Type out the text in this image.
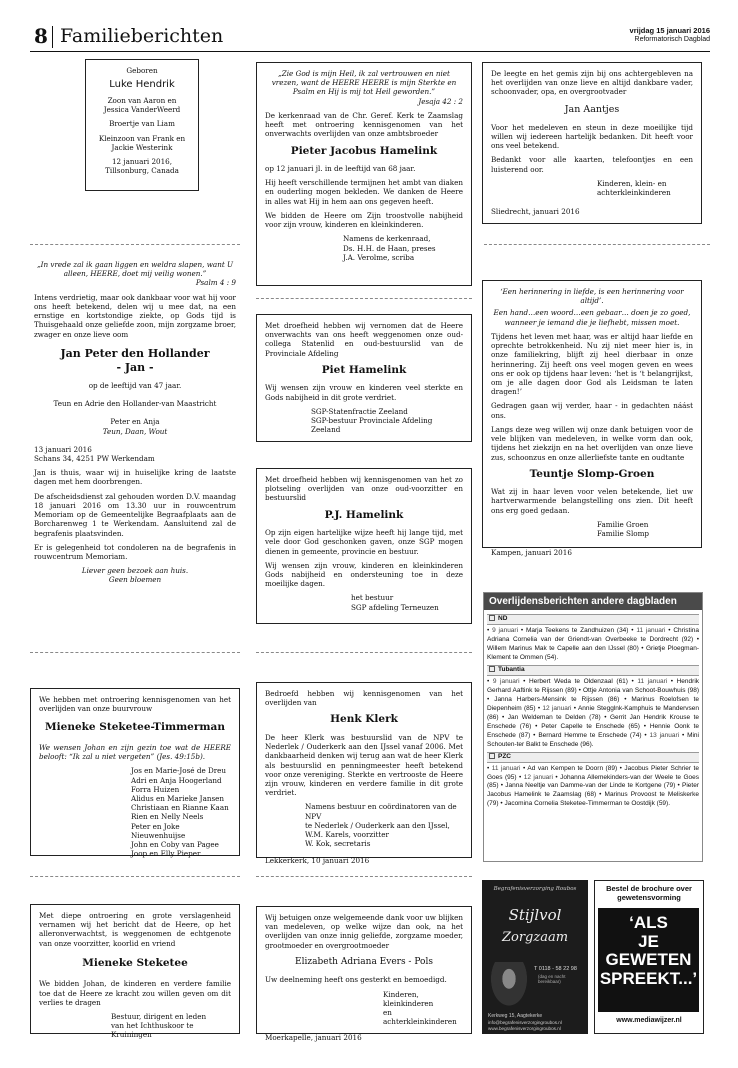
8 Familieberichten	vrijdag 15 januari 2016
Reformatorisch Dagblad
Geboren
Luke Hendrik
Zoon van Aaron en Jessica VanderWeerd
Broertje van Liam
Kleinzoon van Frank en Jackie Westerink
12 januari 2016, Tillsonburg, Canada
„Zie God is mijn Heil, ik zal vertrouwen en niet vrezen, want de HEERE HEERE is mijn Sterkte en Psalm en Hij is mij tot Heil geworden.”
Jesaja 42 : 2
De kerkenraad van de Chr. Geref. Kerk te Zaamslag heeft met ontroering kennisgenomen van het onverwachts overlijden van onze ambtsbroeder
Pieter Jacobus Hamelink
op 12 januari jl. in de leeftijd van 68 jaar.
Hij heeft verschillende termijnen het ambt van diaken en ouderling mogen bekleden. We danken de Heere in alles wat Hij in hem aan ons gegeven heeft.
We bidden de Heere om Zijn troostvolle nabijheid voor zijn vrouw, kinderen en kleinkinderen.
Namens de kerkenraad,
Ds. H.H. de Haan, preses
J.A. Verolme, scriba
De leegte en het gemis zijn bij ons achtergebleven na het overlijden van onze lieve en altijd dankbare vader, schoonvader, opa, en overgrootvader
Jan Aantjes
Voor het medeleven en steun in deze moeilijke tijd willen wij iedereen hartelijk bedanken. Dit heeft voor ons veel betekend.
Bedankt voor alle kaarten, telefoontjes en een luisterend oor.
Kinderen, klein- en
achterkleinkinderen
Sliedrecht, januari 2016
„In vrede zal ik gaan liggen en weldra slapen, want U alleen, HEERE, doet mij veilig wonen.”
Psalm 4 : 9
Intens verdrietig, maar ook dankbaar voor wat hij voor ons heeft betekend, delen wij u mee dat, na een ernstige en kortstondige ziekte, op Gods tijd is Thuisgehaald onze geliefde zoon, mijn zorgzame broer, zwager en onze lieve oom
Jan Peter den Hollander
- Jan -
op de leeftijd van 47 jaar.
Teun en Adrie den Hollander-van Maastricht
Peter en Anja
Teun, Daan, Wout
13 januari 2016
Schans 34, 4251 PW Werkendam
Jan is thuis, waar wij in huiselijke kring de laatste dagen met hem doorbrengen.
De afscheidsdienst zal gehouden worden D.V. maandag 18 januari 2016 om 13.30 uur in rouwcentrum Memoriam op de Gemeentelijke Begraafplaats aan de Borcharenweg 1 te Werkendam. Aansluitend zal de begrafenis plaatsvinden.
Er is gelegenheid tot condoleren na de begrafenis in rouwcentrum Memoriam.
Liever geen bezoek aan huis.
Geen bloemen
Met droefheid hebben wij vernomen dat de Heere onverwachts van ons heeft weggenomen onze oud-collega Statenlid en oud-bestuurslid van de Provinciale Afdeling
Piet Hamelink
Wij wensen zijn vrouw en kinderen veel sterkte en Gods nabijheid in dit grote verdriet.
SGP-Statenfractie Zeeland
SGP-bestuur Provinciale Afdeling Zeeland
‘Een herinnering in liefde, is een herinnering voor altijd’.
Een hand…een woord…een gebaar… doen je zo goed, wanneer je iemand die je liefhebt, missen moet.
Tijdens het leven met haar, was er altijd haar liefde en oprechte betrokkenheid. Nu zij niet meer hier is, in onze familiekring, blijft zij heel dierbaar in onze herinnering. Zij heeft ons veel mogen geven en wees ons er ook op tijdens haar leven: ‘het is ‘t belangrijkst, om je alle dagen door God als Leidsman te laten dragen!’
Gedragen gaan wij verder, haar - in gedachten náást ons.
Langs deze weg willen wij onze dank betuigen voor de vele blijken van medeleven, in welke vorm dan ook, tijdens het ziekzijn en na het overlijden van onze lieve zus, schoonzus en onze allerliefste tante en oudtante
Teuntje Slomp-Groen
Wat zij in haar leven voor velen betekende, liet uw hartverwarmende belangstelling ons zien. Dit heeft ons erg goed gedaan.
Familie Groen
Familie Slomp
Kampen, januari 2016
Met droefheid hebben wij kennisgenomen van het zo plotseling overlijden van onze oud-voorzitter en bestuurslid
P.J. Hamelink
Op zijn eigen hartelijke wijze heeft hij lange tijd, met vele door God geschonken gaven, onze SGP mogen dienen in gemeente, provincie en bestuur.
Wij wensen zijn vrouw, kinderen en kleinkinderen Gods nabijheid en ondersteuning toe in deze moeilijke dagen.
het bestuur
SGP afdeling Terneuzen
Overlijdensberichten andere dagbladen
ND
• 9 januari • Marja Teekens te Zandhuizen (34) • 11 januari • Christina Adriana Cornelia van der Griendt-van Overbeeke te Dordrecht (92) • Willem Marinus Mak te Capelle aan den IJssel (80) • Grietje Ploegman-Klement te Ommen (54).
Tubantia
• 9 januari • Herbert Weda te Oldenzaal (61) • 11 januari • Hendrik Gerhard Aaftink te Rijssen (89) • Ottje Antonia van Schoot-Bouwhuis (98) • Janna Harbers-Mensink te Rijssen (86) • Marinus Roelofsen te Diepenheim (85) • 12 januari • Annie Stegglnk-Kamphuis te Mandervsen (86) • Jan Weldeman te Delden (78) • Gerrit Jan Hendrik Krouse te Enschede (76) • Peter Capelle te Enschede (65) • Hennie Oonk te Enschede (87) • Bernard Hemme te Enschede (74) • 13 januari • Mini Schouten-ter Balkt te Enschede (96).
PZC
• 11 januari • Ad van Kempen te Doorn (89) • Jacobus Pieter Schrier te Goes (95) • 12 januari • Johanna Allemekinders-van der Weele te Goes (85) • Janna Neeltje van Damme-van der Linde te Kortgene (79) • Pieter Jacobus Hamelink te Zaamslag (68) • Marinus Provoost te Meliskerke (79) • Jacomina Cornelia Steketee-Timmerman te Oostdijk (59).
We hebben met ontroering kennisgenomen van het overlijden van onze buurvrouw
Mieneke Steketee-Timmerman
We wensen Johan en zijn gezin toe wat de HEERE belooft: “Ik zal u niet vergeten” (Jes. 49:15b).
Jos en Marie-José de Dreu
Adri en Anja Hoogerland
Forra Huizen
Alidus en Marieke Jansen
Christiaan en Rianne Kaan
Rien en Nelly Neels
Peter en Joke Nieuwenhuijse
John en Coby van Pagee
Joop en Elly Pieper
Bedroefd hebben wij kennisgenomen van het overlijden van
Henk Klerk
De heer Klerk was bestuurslid van de NPV te Nederlek / Ouderkerk aan den IJssel vanaf 2006. Met dankbaarheid denken wij terug aan wat de heer Klerk als bestuurslid en penningmeester heeft betekend voor onze vereniging. Sterkte en vertroostе de Heere zijn vrouw, kinderen en verdere familie in dit grote verdriet.
Namens bestuur en coördinatoren van de NPV
te Nederlek / Ouderkerk aan den IJssel,
W.M. Karels, voorzitter
W. Kok, secretaris
Lekkerkerk, 10 januari 2016
Met diepe ontroering en grote verslagenheid vernamen wij het bericht dat de Heere, op het alleronverwachtst, is weggenomen de echtgenote van onze voorzitter, koorlid en vriend
Mieneke Steketee
We bidden Johan, de kinderen en verdere familie toe dat de Heere ze kracht zou willen geven om dit verlies te dragen
Bestuur, dirigent en leden
van het Ichthuskoor te Kruiningen
Wij betuigen onze welgemeende dank voor uw blijken van medeleven, op welke wijze dan ook, na het overlijden van onze innig geliefde, zorgzame moeder, grootmoeder en overgrootmoeder
Elizabeth Adriana Evers - Pols
Uw deelneming heeft ons gesterkt en bemoedigd.
Kinderen, kleinkinderen
en achterkleinkinderen
Moerkapelle, januari 2016
Begrafenisverzorging Roubos
Stijlvol
Zorgzaam
T 0118 - 58 22 98
(dag en nacht bereikbaar)
Kerkweg 15, Aagtekerke
info@begrafenisverzorgingroubos.nl
www.begrafenisverzorgingroubos.nl
Bestel de brochure over gewetensvorming
‘ALS
JE
GEWETEN
SPREEKT...’
www.mediawijzer.nl
